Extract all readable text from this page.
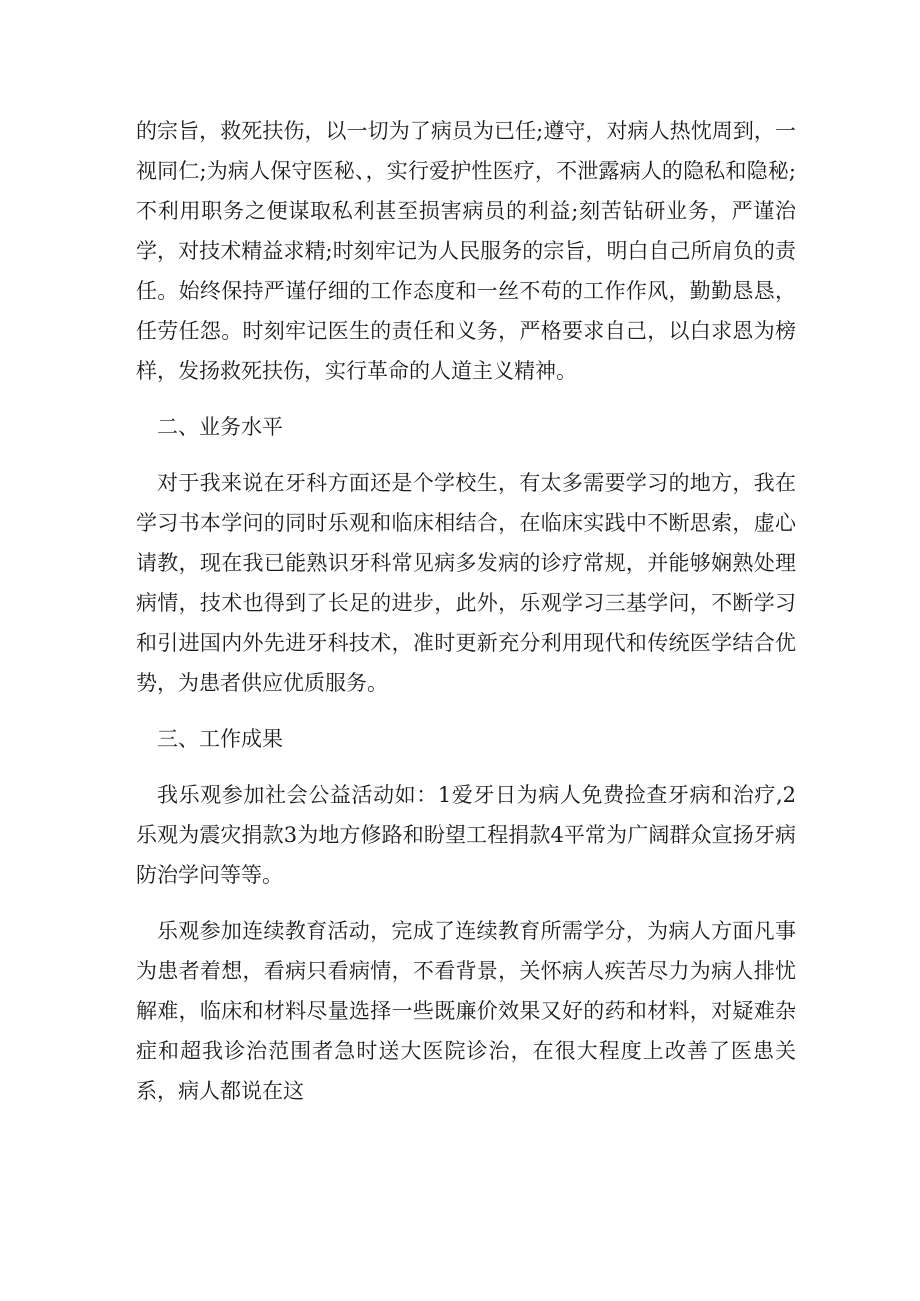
的宗旨，救死扶伤，以一切为了病员为已任;遵守，对病人热忱周到，一视同仁;为病人保守医秘、，实行爱护性医疗，不泄露病人的隐私和隐秘;不利用职务之便谋取私利甚至损害病员的利益;刻苦钻研业务，严谨治学，对技术精益求精;时刻牢记为人民服务的宗旨，明白自己所肩负的责任。始终保持严谨仔细的工作态度和一丝不苟的工作作风，勤勤恳恳，任劳任怨。时刻牢记医生的责任和义务，严格要求自己，以白求恩为榜样，发扬救死扶伤，实行革命的人道主义精神。

二、业务水平

对于我来说在牙科方面还是个学校生，有太多需要学习的地方，我在学习书本学问的同时乐观和临床相结合，在临床实践中不断思索，虚心请教，现在我已能熟识牙科常见病多发病的诊疗常规，并能够娴熟处理病情，技术也得到了长足的进步，此外，乐观学习三基学问，不断学习和引进国内外先进牙科技术，准时更新充分利用现代和传统医学结合优势，为患者供应优质服务。

三、工作成果

我乐观参加社会公益活动如：1爱牙日为病人免费捡查牙病和治疗,2乐观为震灾捐款3为地方修路和盼望工程捐款4平常为广阔群众宣扬牙病防治学问等等。

乐观参加连续教育活动，完成了连续教育所需学分，为病人方面凡事为患者着想，看病只看病情，不看背景，关怀病人疾苦尽力为病人排忧解难，临床和材料尽量选择一些既廉价效果又好的药和材料，对疑难杂症和超我诊治范围者急时送大医院诊治，在很大程度上改善了医患关系，病人都说在这
